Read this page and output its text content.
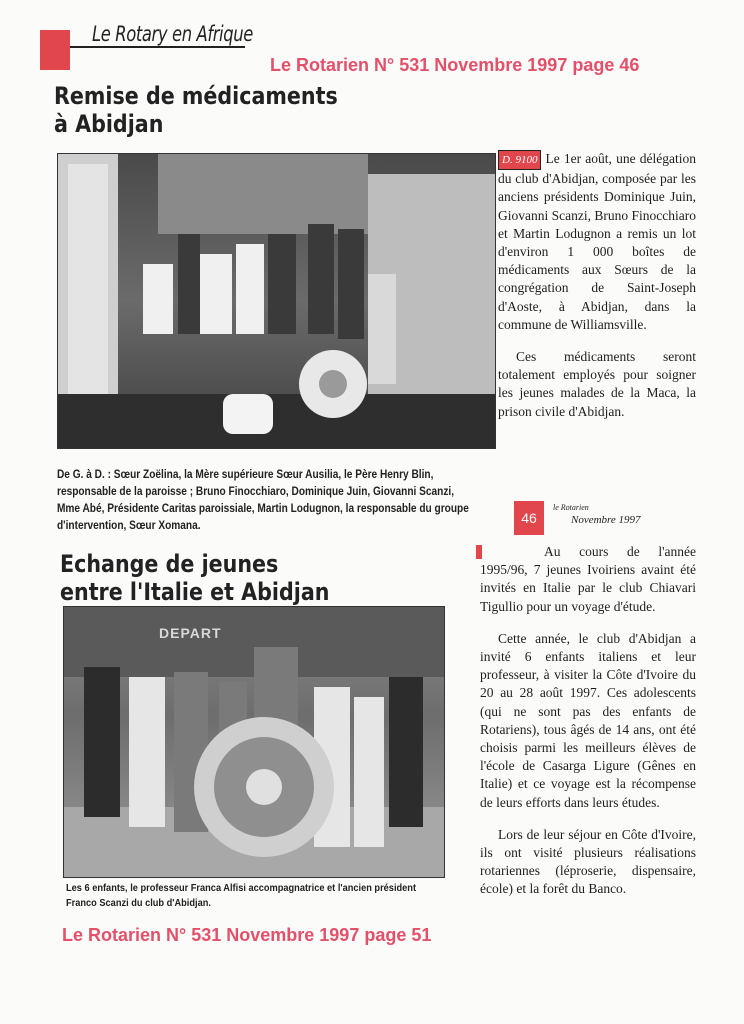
Le Rotary en Afrique
Le Rotarien N° 531 Novembre 1997 page 46
Remise de médicaments
à Abidjan
De G. à D. : Sœur Zoëlina, la Mère supérieure Sœur Ausilia, le Père Henry Blin, responsable de la paroisse ; Bruno Finocchiaro, Dominique Juin, Giovanni Scanzi, Mme Abé, Présidente Caritas paroissiale, Martin Lodugnon, la responsable du groupe d'intervention, Sœur Xomana.

D. 9100 Le 1er août, une délégation du club d'Abidjan, composée par les anciens présidents Dominique Juin, Giovanni Scanzi, Bruno Finocchiaro et Martin Lodugnon a remis un lot d'environ 1 000 boîtes de médicaments aux Sœurs de la congrégation de Saint-Joseph d'Aoste, à Abidjan, dans la commune de Williamsville.

Ces médicaments seront totalement employés pour soigner les jeunes malades de la Maca, la prison civile d'Abidjan.

46
le Rotarien
Novembre 1997
Echange de jeunes
entre l'Italie et Abidjan
DEPART
Les 6 enfants, le professeur Franca Alfisi accompagnatrice et l'ancien président Franco Scanzi du club d'Abidjan.

Au cours de l'année 1995/96, 7 jeunes Ivoiriens avaint été invités en Italie par le club Chiavari Tigullio pour un voyage d'étude.

Cette année, le club d'Abidjan a invité 6 enfants italiens et leur professeur, à visiter la Côte d'Ivoire du 20 au 28 août 1997. Ces adolescents (qui ne sont pas des enfants de Rotariens), tous âgés de 14 ans, ont été choisis parmi les meilleurs élèves de l'école de Casarga Ligure (Gênes en Italie) et ce voyage est la récompense de leurs efforts dans leurs études.

Lors de leur séjour en Côte d'Ivoire, ils ont visité plusieurs réalisations rotariennes (léproserie, dispensaire, école) et la forêt du Banco.

Le Rotarien N° 531 Novembre 1997 page 51
